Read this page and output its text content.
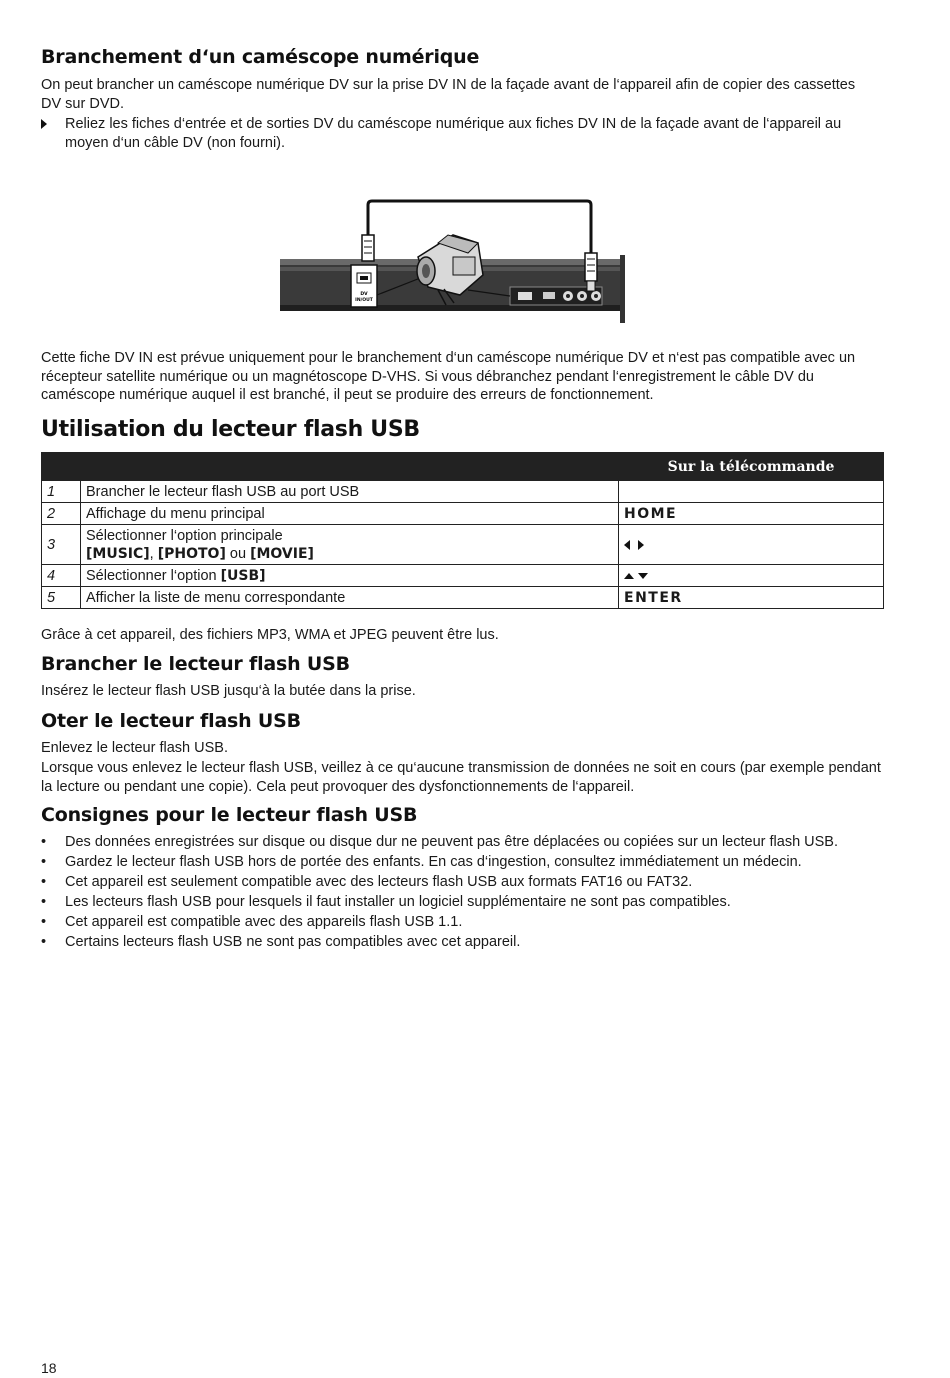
Branchement d‘un caméscope numérique

On peut brancher un caméscope numérique DV sur la prise DV IN de la façade avant de l‘appareil afin de copier des cassettes DV sur DVD.

Reliez les fiches d‘entrée et de sorties DV du caméscope numérique aux fiches DV IN de la façade avant de l‘appareil au moyen d‘un câble DV (non fourni).
DV
IN/OUT

Cette fiche DV IN est prévue uniquement pour le branchement d‘un caméscope numérique DV et n‘est pas compatible avec un récepteur satellite numérique ou un magnétoscope D-VHS. Si vous débranchez pendant l‘enregistrement le câble DV du caméscope numérique auquel il est branché, il peut se produire des erreurs de fonctionnement.

Utilisation du lecteur flash USB
		Sur la télécommande
1	Brancher le lecteur flash USB au port USB	
2	Affichage du menu principal	HOME
3	Sélectionner l‘option principale
[MUSIC], [PHOTO] ou [MOVIE]	
4	Sélectionner l‘option [USB]	
5	Afficher la liste de menu correspondante	ENTER

Grâce à cet appareil, des fichiers MP3, WMA et JPEG peuvent être lus.

Brancher le lecteur flash USB

Insérez le lecteur flash USB jusqu‘à la butée dans la prise.

Oter le lecteur flash USB

Enlevez le lecteur flash USB.

Lorsque vous enlevez le lecteur flash USB, veillez à ce qu‘aucune transmission de données ne soit en cours (par exemple pendant la lecture ou pendant une copie). Cela peut provoquer des dysfonctionnements de l‘appareil.

Consignes pour le lecteur flash USB
• Des données enregistrées sur disque ou disque dur ne peuvent pas être déplacées ou copiées sur un lecteur flash USB.
• Gardez le lecteur flash USB hors de portée des enfants. En cas d‘ingestion, consultez immédiatement un médecin.
• Cet appareil est seulement compatible avec des lecteurs flash USB aux formats FAT16 ou FAT32.
• Les lecteurs flash USB pour lesquels il faut installer un logiciel supplémentaire ne sont pas compatibles.
• Cet appareil est compatible avec des appareils flash USB 1.1.
• Certains lecteurs flash USB ne sont pas compatibles avec cet appareil.

18
